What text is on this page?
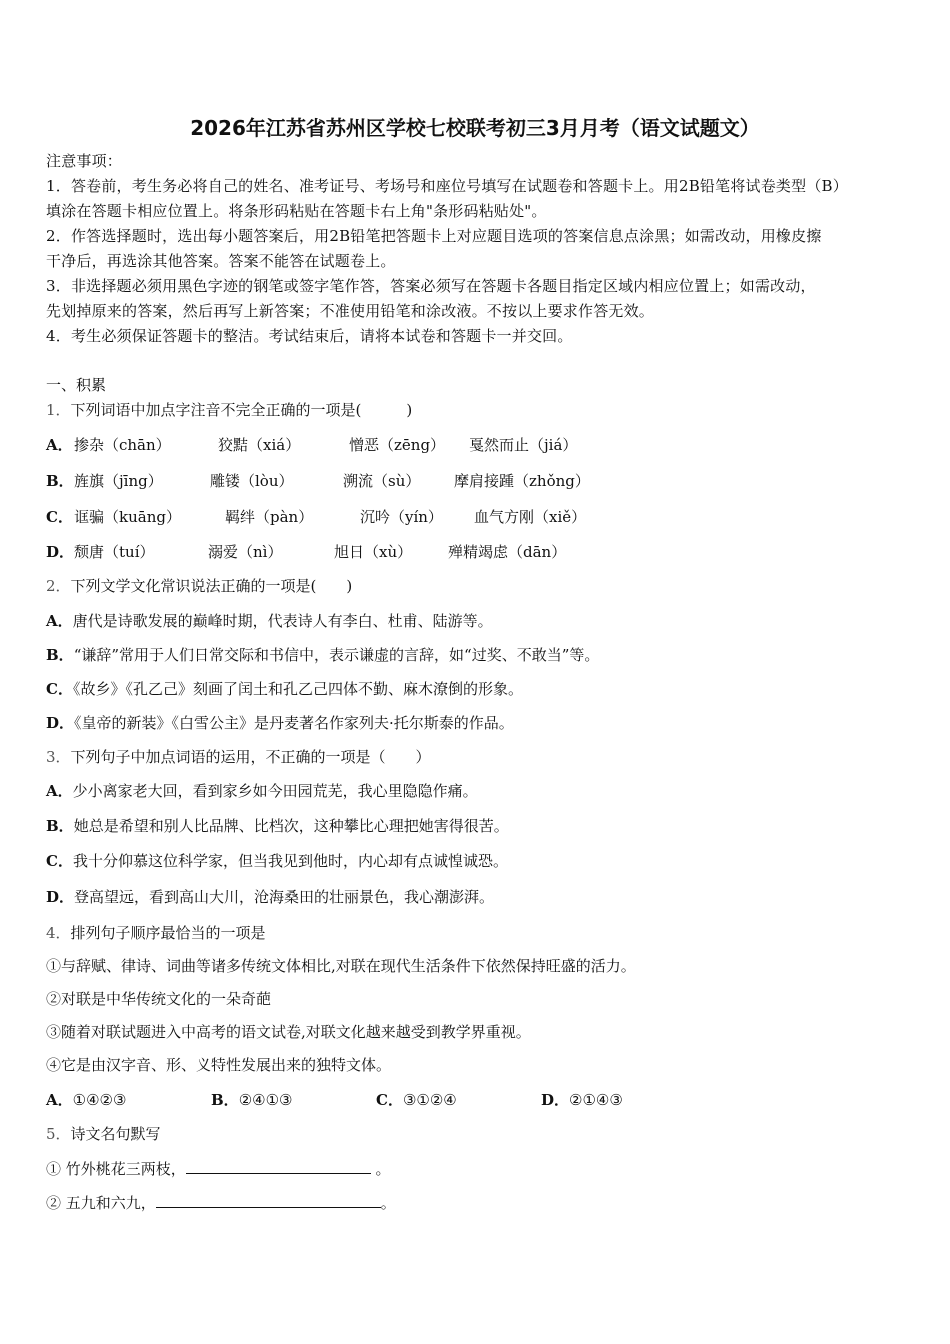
2026年江苏省苏州区学校七校联考初三3月月考（语文试题文）

注意事项：

1．答卷前，考生务必将自己的姓名、准考证号、考场号和座位号填写在试题卷和答题卡上。用2B铅笔将试卷类型（B）

填涂在答题卡相应位置上。将条形码粘贴在答题卡右上角"条形码粘贴处"。

2．作答选择题时，选出每小题答案后，用2B铅笔把答题卡上对应题目选项的答案信息点涂黑；如需改动，用橡皮擦

干净后，再选涂其他答案。答案不能答在试题卷上。

3．非选择题必须用黑色字迹的钢笔或签字笔作答，答案必须写在答题卡各题目指定区域内相应位置上；如需改动，

先划掉原来的答案，然后再写上新答案；不准使用铅笔和涂改液。不按以上要求作答无效。

4．考生必须保证答题卡的整洁。考试结束后，请将本试卷和答题卡一并交回。

一、积累
1．下列词语中加点字注音不完全正确的一项是(　　　)
A． 掺杂（chān）	狡黠（xiá）	憎恶（zēng） 戛然而止（jiá）
B． 旌旗（jīng）	雕镂（lòu）	溯流（sù） 摩肩接踵（zhǒng）
C． 诓骗（kuāng）	羁绊（pàn）	沉吟（yín） 血气方刚（xiě）
D． 颓唐（tuí）	溺爱（nì）	旭日（xù） 殚精竭虑（dān）
2．下列文学文化常识说法正确的一项是(　　)
A．唐代是诗歌发展的巅峰时期，代表诗人有李白、杜甫、陆游等。
B．“谦辞”常用于人们日常交际和书信中，表示谦虚的言辞，如“过奖、不敢当”等。
C．《故乡》《孔乙己》刻画了闰土和孔乙己四体不勤、麻木潦倒的形象。
D．《皇帝的新装》《白雪公主》是丹麦著名作家列夫·托尔斯泰的作品。
3．下列句子中加点词语的运用，不正确的一项是（　　）
A．少小离家老大回，看到家乡如今田园荒芜，我心里隐隐作痛。
B．她总是希望和别人比品牌、比档次，这种攀比心理把她害得很苦。
C．我十分仰慕这位科学家，但当我见到他时，内心却有点诚惶诚恐。
D．登高望远，看到高山大川，沧海桑田的壮丽景色，我心潮澎湃。
4．排列句子顺序最恰当的一项是
①与辞赋、律诗、词曲等诸多传统文体相比,对联在现代生活条件下依然保持旺盛的活力。
②对联是中华传统文化的一朵奇葩
③随着对联试题进入中高考的语文试卷,对联文化越来越受到教学界重视。
④它是由汉字音、形、义特性发展出来的独特文体。
A．①④②③	B．②④①③	C．③①②④	D．②①④③
5．诗文名句默写
① 竹外桃花三两枝，	。
② 五九和六九，	。
